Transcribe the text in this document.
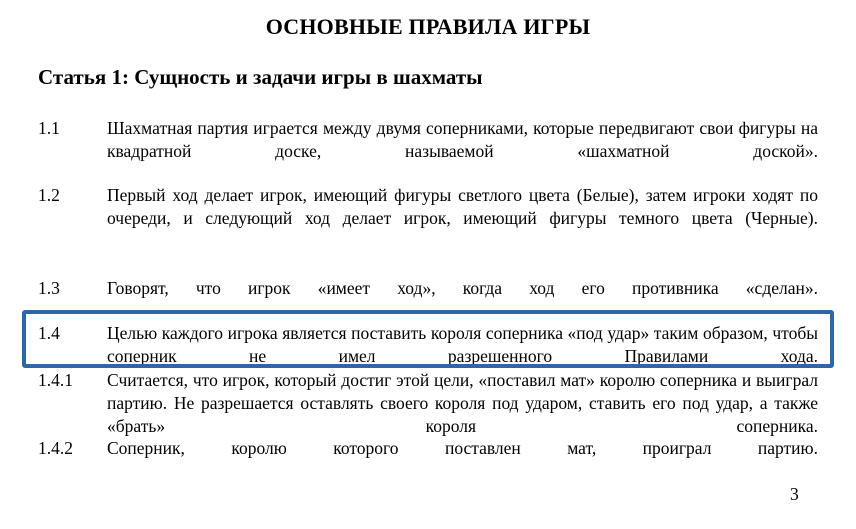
ОСНОВНЫЕ ПРАВИЛА ИГРЫ
Статья 1: Сущность и задачи игры в шахматы
1.1	Шахматная партия играется между двумя соперниками, которые передвигают свои фигуры на квадратной доске, называемой «шахматной доской».
1.2	Первый ход делает игрок, имеющий фигуры светлого цвета (Белые), затем игроки ходят по очереди, и следующий ход делает игрок, имеющий фигуры темного цвета (Черные).
1.3	Говорят, что игрок «имеет ход», когда ход его противника «сделан».
1.4	Целью каждого игрока является поставить короля соперника «под удар» таким образом, чтобы соперник не имел разрешенного Правилами хода.
1.4.1 Считается, что игрок, который достиг этой цели, «поставил мат» королю соперника и выиграл партию. Не разрешается оставлять своего короля под ударом, ставить его под удар, а также «брать» короля соперника.
1.4.2 Соперник, королю которого поставлен мат, проиграл партию.
3
